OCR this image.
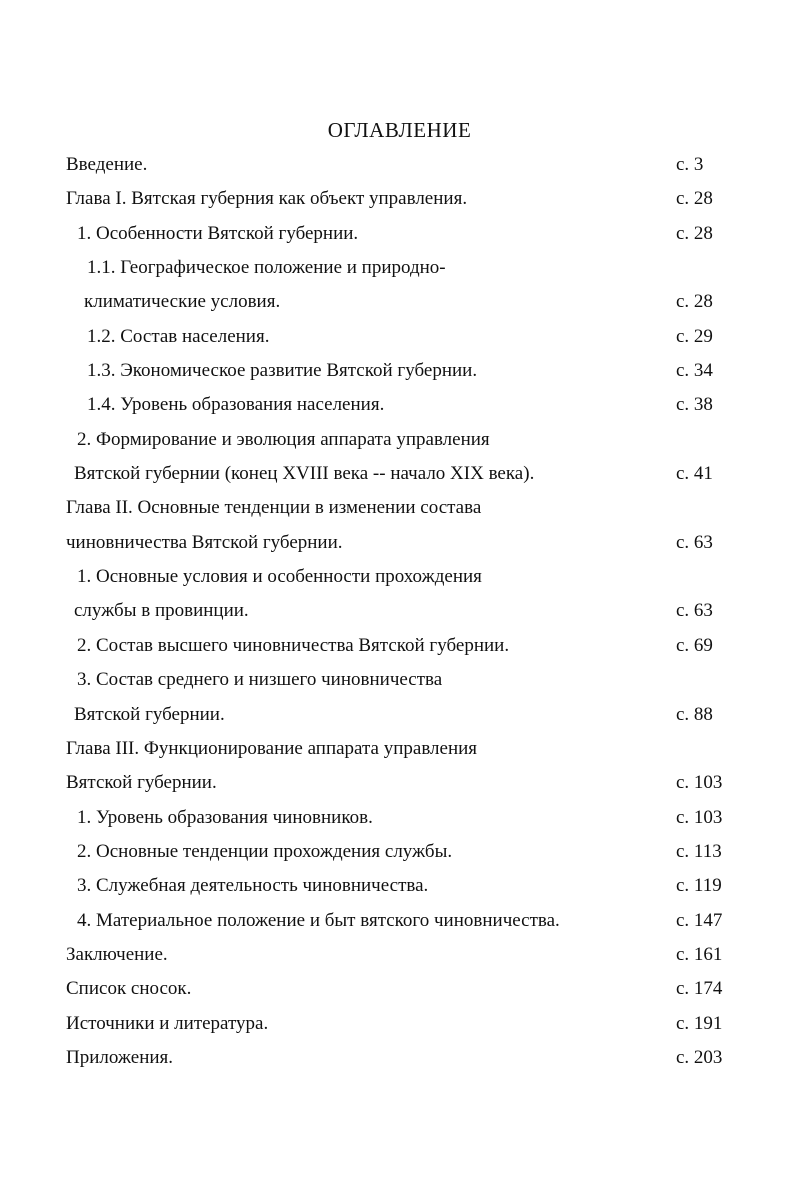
ОГЛАВЛЕНИЕ
Введение.	с. 3
Глава I. Вятская губерния как объект управления.	с. 28
1. Особенности Вятской губернии.	с. 28
1.1. Географическое положение и природно-
климатические условия.	с. 28
1.2. Состав населения.	с. 29
1.3. Экономическое развитие Вятской губернии.	с. 34
1.4. Уровень образования населения.	с. 38
2. Формирование и эволюция аппарата управления
Вятской губернии (конец XVIII века -- начало XIX века).	с. 41
Глава II. Основные тенденции в изменении состава
чиновничества Вятской губернии.	с. 63
1. Основные условия и особенности прохождения
службы в провинции.	с. 63
2. Состав высшего чиновничества Вятской губернии.	с. 69
3. Состав среднего и низшего чиновничества
Вятской губернии.	с. 88
Глава III. Функционирование аппарата управления
Вятской губернии.	с. 103
1. Уровень образования чиновников.	с. 103
2. Основные тенденции прохождения службы.	с. 113
3. Служебная деятельность чиновничества.	с. 119
4. Материальное положение и быт вятского чиновничества.	с. 147
Заключение.	с. 161
Список сносок.	с. 174
Источники и литература.	с. 191
Приложения.	с. 203
